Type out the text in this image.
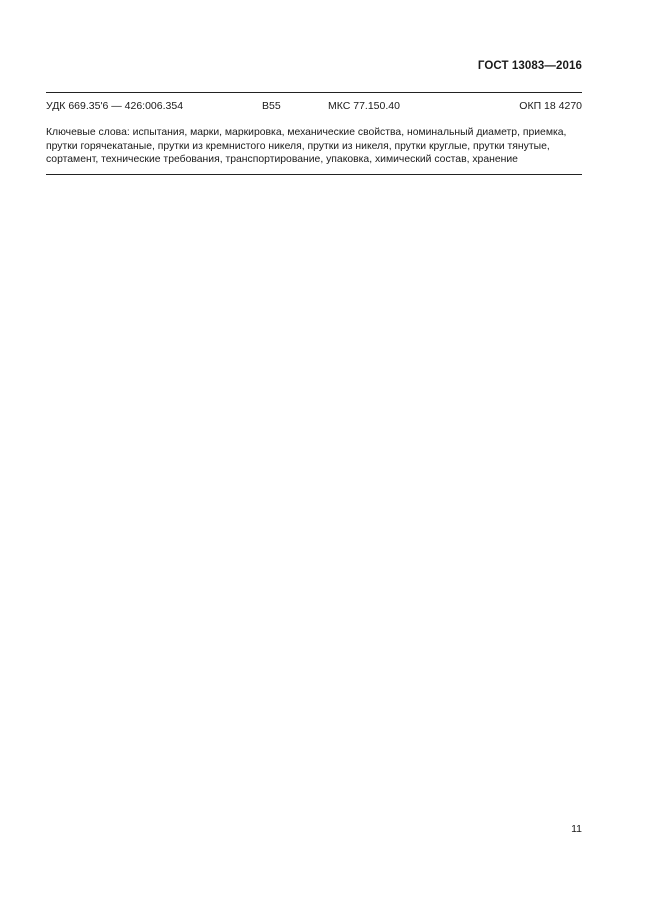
ГОСТ 13083—2016
УДК 669.35'6 — 426:006.354	В55	МКС 77.150.40	ОКП 18 4270
Ключевые слова: испытания, марки, маркировка, механические свойства, номинальный диаметр, приемка,
прутки горячекатаные, прутки из кремнистого никеля, прутки из никеля, прутки круглые, прутки тянутые,
сортамент, технические требования, транспортирование, упаковка, химический состав, хранение
11
